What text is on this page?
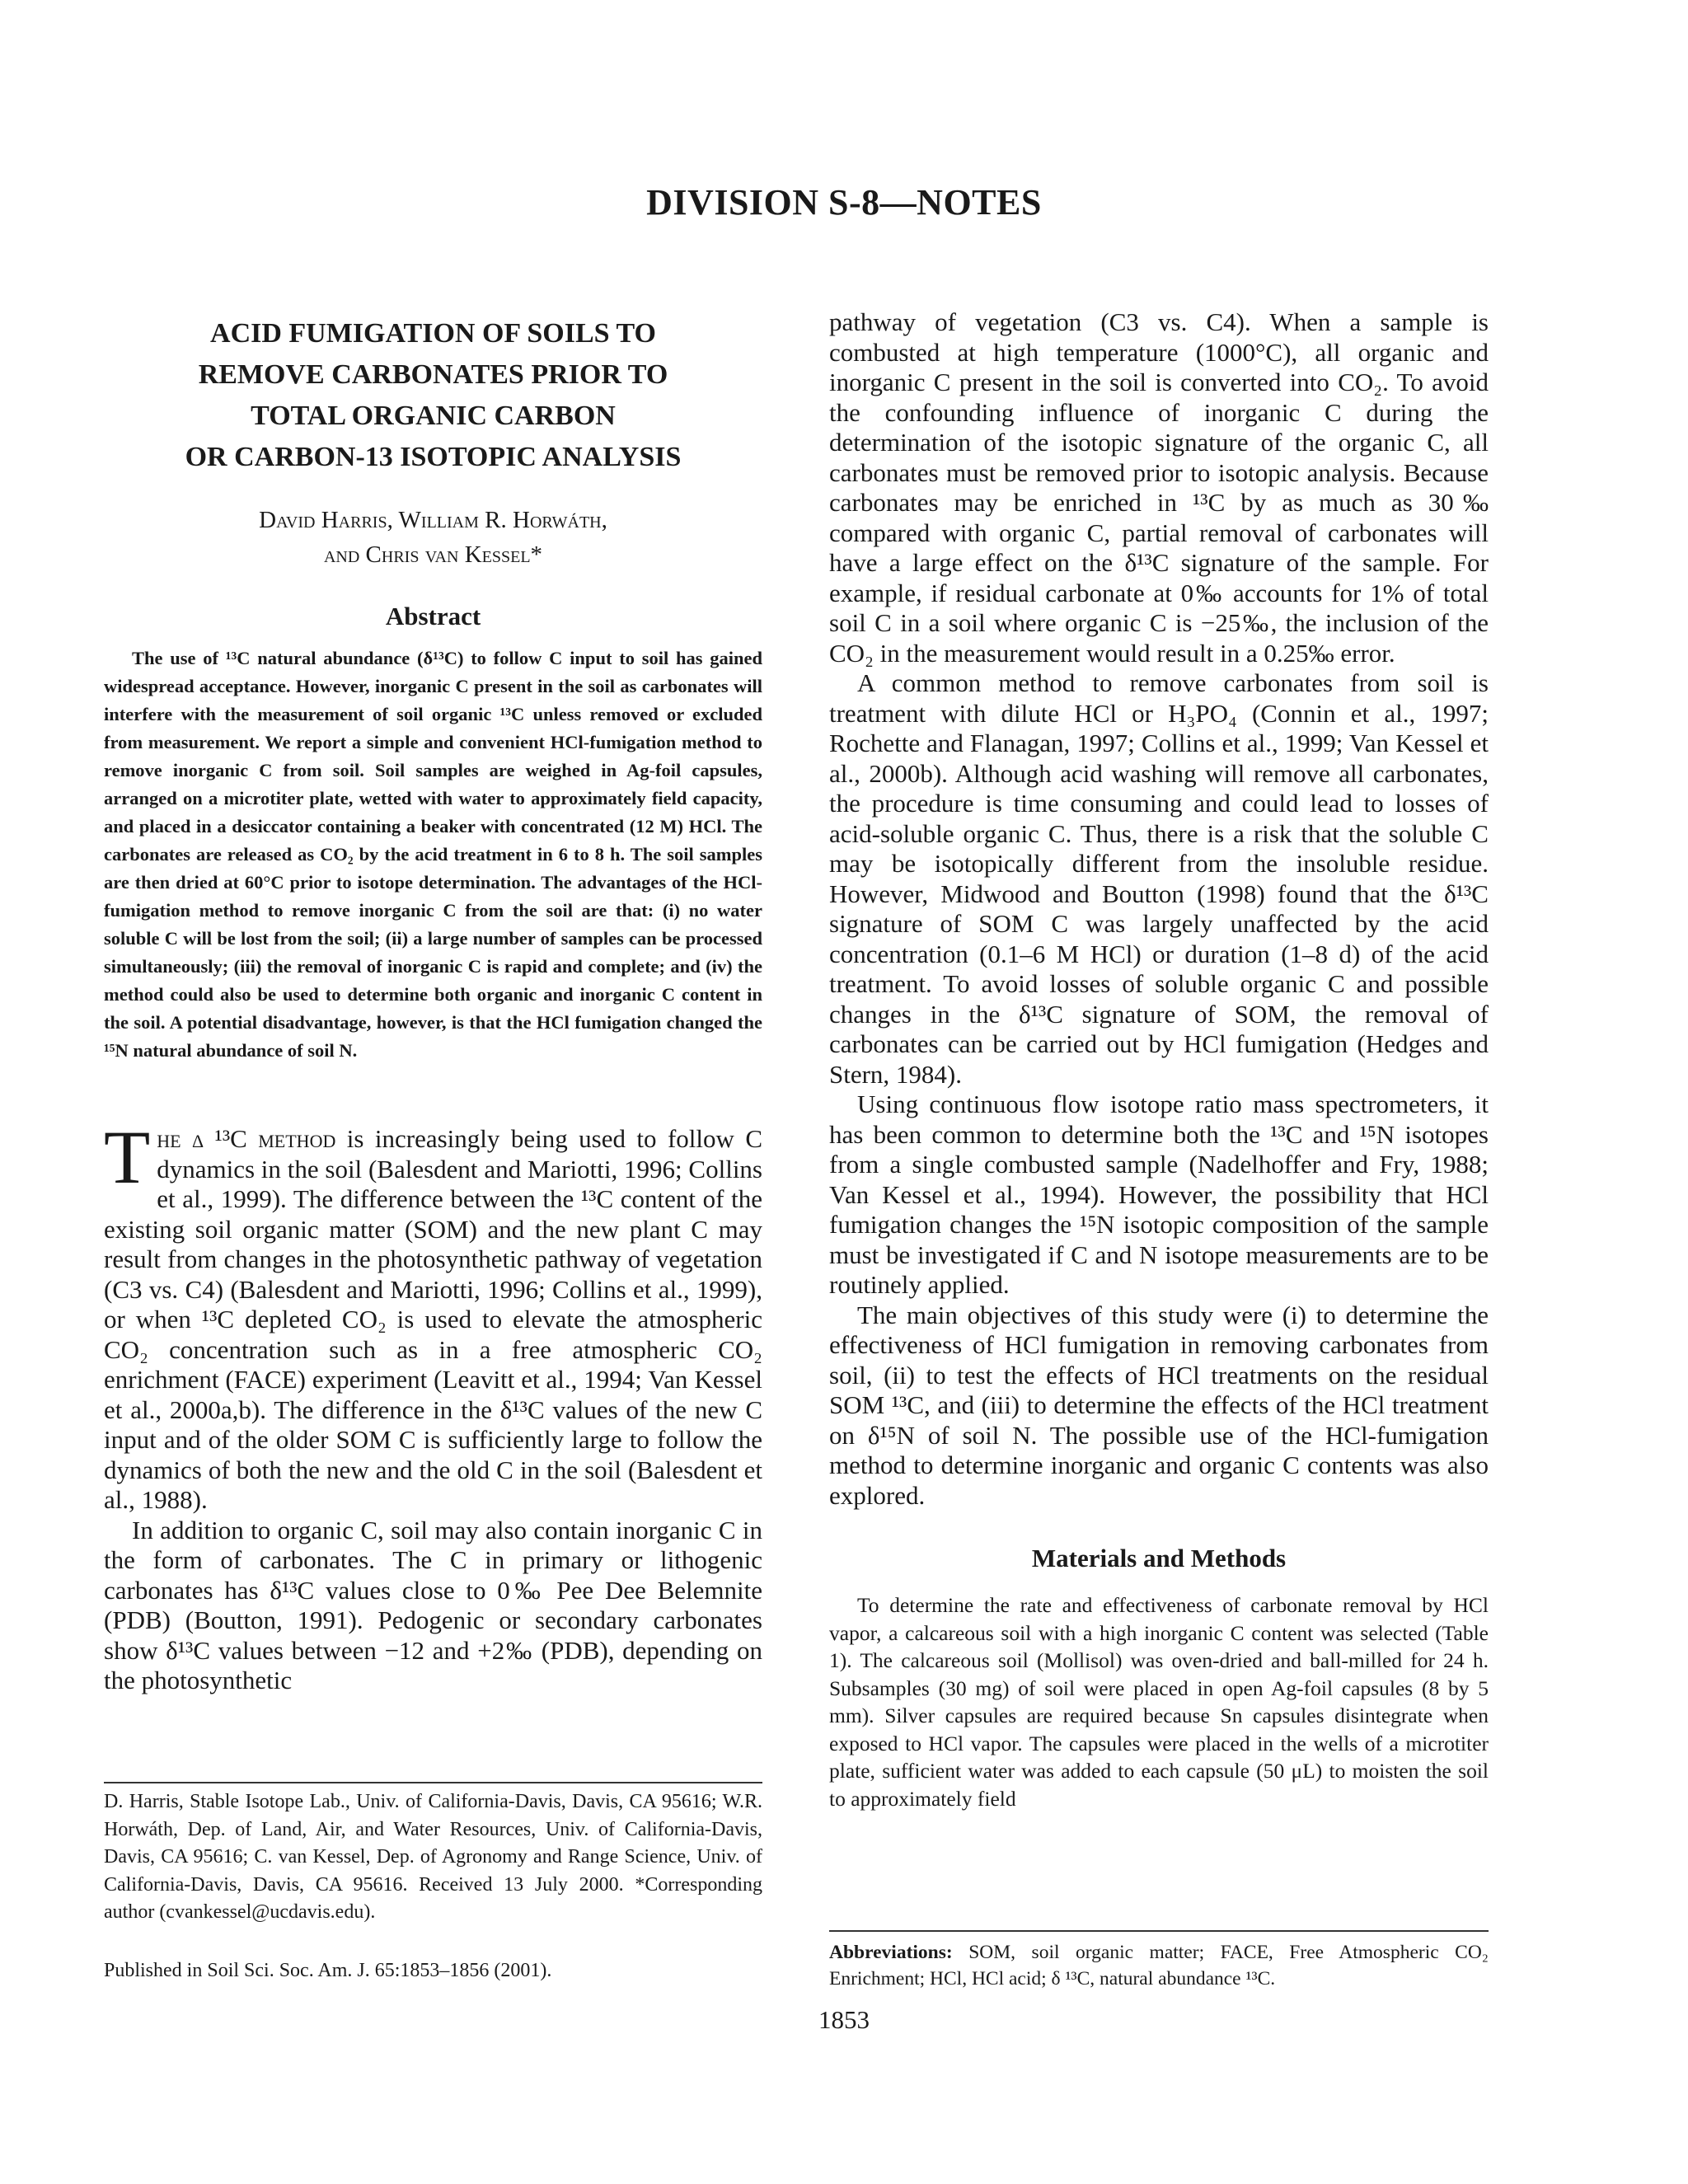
DIVISION S-8—NOTES

ACID FUMIGATION OF SOILS TO

REMOVE CARBONATES PRIOR TO

TOTAL ORGANIC CARBON

OR CARBON-13 ISOTOPIC ANALYSIS

David Harris, William R. Horwáth,
and Chris van Kessel*
Abstract

The use of ¹³C natural abundance (δ¹³C) to follow C input to soil has gained widespread acceptance. However, inorganic C present in the soil as carbonates will interfere with the measurement of soil organic ¹³C unless removed or excluded from measurement. We report a simple and convenient HCl-fumigation method to remove inorganic C from soil. Soil samples are weighed in Ag-foil capsules, arranged on a microtiter plate, wetted with water to approximately field capacity, and placed in a desiccator containing a beaker with concentrated (12 M) HCl. The carbonates are released as CO₂ by the acid treatment in 6 to 8 h. The soil samples are then dried at 60°C prior to isotope determination. The advantages of the HCl-fumigation method to remove inorganic C from the soil are that: (i) no water soluble C will be lost from the soil; (ii) a large number of samples can be processed simultaneously; (iii) the removal of inorganic C is rapid and complete; and (iv) the method could also be used to determine both organic and inorganic C content in the soil. A potential disadvantage, however, is that the HCl fumigation changed the ¹⁵N natural abundance of soil N.

The δ ¹³C method is increasingly being used to follow C dynamics in the soil (Balesdent and Mariotti, 1996; Collins et al., 1999). The difference between the ¹³C content of the existing soil organic matter (SOM) and the new plant C may result from changes in the photosynthetic pathway of vegetation (C3 vs. C4) (Balesdent and Mariotti, 1996; Collins et al., 1999), or when ¹³C depleted CO₂ is used to elevate the atmospheric CO₂ concentration such as in a free atmospheric CO₂ enrichment (FACE) experiment (Leavitt et al., 1994; Van Kessel et al., 2000a,b). The difference in the δ¹³C values of the new C input and of the older SOM C is sufficiently large to follow the dynamics of both the new and the old C in the soil (Balesdent et al., 1988).

In addition to organic C, soil may also contain inorganic C in the form of carbonates. The C in primary or lithogenic carbonates has δ¹³C values close to 0‰ Pee Dee Belemnite (PDB) (Boutton, 1991). Pedogenic or secondary carbonates show δ¹³C values between −12 and +2‰ (PDB), depending on the photosynthetic

D. Harris, Stable Isotope Lab., Univ. of California-Davis, Davis, CA 95616; W.R. Horwáth, Dep. of Land, Air, and Water Resources, Univ. of California-Davis, Davis, CA 95616; C. van Kessel, Dep. of Agronomy and Range Science, Univ. of California-Davis, Davis, CA 95616. Received 13 July 2000. *Corresponding author (cvankessel@ucdavis.edu).
Published in Soil Sci. Soc. Am. J. 65:1853–1856 (2001).

pathway of vegetation (C3 vs. C4). When a sample is combusted at high temperature (1000°C), all organic and inorganic C present in the soil is converted into CO₂. To avoid the confounding influence of inorganic C during the determination of the isotopic signature of the organic C, all carbonates must be removed prior to isotopic analysis. Because carbonates may be enriched in ¹³C by as much as 30‰ compared with organic C, partial removal of carbonates will have a large effect on the δ¹³C signature of the sample. For example, if residual carbonate at 0‰ accounts for 1% of total soil C in a soil where organic C is −25‰, the inclusion of the CO₂ in the measurement would result in a 0.25‰ error.

A common method to remove carbonates from soil is treatment with dilute HCl or H₃PO₄ (Connin et al., 1997; Rochette and Flanagan, 1997; Collins et al., 1999; Van Kessel et al., 2000b). Although acid washing will remove all carbonates, the procedure is time consuming and could lead to losses of acid-soluble organic C. Thus, there is a risk that the soluble C may be isotopically different from the insoluble residue. However, Midwood and Boutton (1998) found that the δ¹³C signature of SOM C was largely unaffected by the acid concentration (0.1–6 M HCl) or duration (1–8 d) of the acid treatment. To avoid losses of soluble organic C and possible changes in the δ¹³C signature of SOM, the removal of carbonates can be carried out by HCl fumigation (Hedges and Stern, 1984).

Using continuous flow isotope ratio mass spectrometers, it has been common to determine both the ¹³C and ¹⁵N isotopes from a single combusted sample (Nadelhoffer and Fry, 1988; Van Kessel et al., 1994). However, the possibility that HCl fumigation changes the ¹⁵N isotopic composition of the sample must be investigated if C and N isotope measurements are to be routinely applied.

The main objectives of this study were (i) to determine the effectiveness of HCl fumigation in removing carbonates from soil, (ii) to test the effects of HCl treatments on the residual SOM ¹³C, and (iii) to determine the effects of the HCl treatment on δ¹⁵N of soil N. The possible use of the HCl-fumigation method to determine inorganic and organic C contents was also explored.

Materials and Methods

To determine the rate and effectiveness of carbonate removal by HCl vapor, a calcareous soil with a high inorganic C content was selected (Table 1). The calcareous soil (Mollisol) was oven-dried and ball-milled for 24 h. Subsamples (30 mg) of soil were placed in open Ag-foil capsules (8 by 5 mm). Silver capsules are required because Sn capsules disintegrate when exposed to HCl vapor. The capsules were placed in the wells of a microtiter plate, sufficient water was added to each capsule (50 μL) to moisten the soil to approximately field

Abbreviations: SOM, soil organic matter; FACE, Free Atmospheric CO₂ Enrichment; HCl, HCl acid; δ ¹³C, natural abundance ¹³C.
1853
